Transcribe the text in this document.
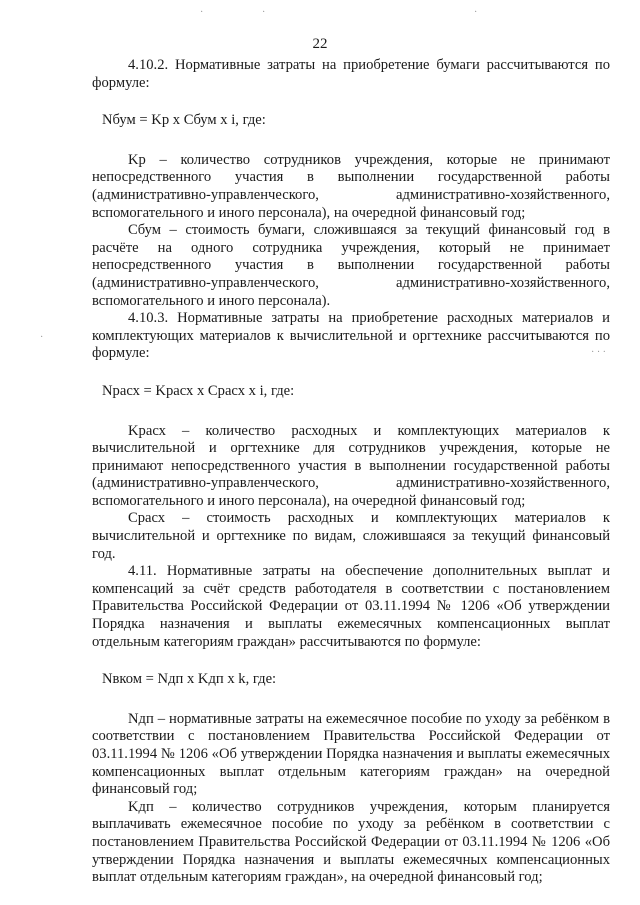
·	·	·
·
· · ·
22

4.10.2. Нормативные затраты на приобретение бумаги рассчитываются по формуле:

Nбум = Kр x Cбум x i, где:

Kр – количество сотрудников учреждения, которые не принимают непосредственного участия в выполнении государственной работы (административно-управленческого, административно-хозяйственного, вспомогательного и иного персонала), на очередной финансовый год;

Cбум – стоимость бумаги, сложившаяся за текущий финансовый год в расчёте на одного сотрудника учреждения, который не принимает непосредственного участия в выполнении государственной работы (административно-управленческого, административно-хозяйственного, вспомогательного и иного персонала).

4.10.3. Нормативные затраты на приобретение расходных материалов и комплектующих материалов к вычислительной и оргтехнике рассчитываются по формуле:

Nрасх = Kрасх x Cрасх x i, где:

Kрасх – количество расходных и комплектующих материалов к вычислительной и оргтехнике для сотрудников учреждения, которые не принимают непосредственного участия в выполнении государственной работы (административно-управленческого, административно-хозяйственного, вспомогательного и иного персонала), на очередной финансовый год;

Cрасх – стоимость расходных и комплектующих материалов к вычислительной и оргтехнике по видам, сложившаяся за текущий финансовый год.

4.11. Нормативные затраты на обеспечение дополнительных выплат и компенсаций за счёт средств работодателя в соответствии с постановлением Правительства Российской Федерации от 03.11.1994 № 1206 «Об утверждении Порядка назначения и выплаты ежемесячных компенсационных выплат отдельным категориям граждан» рассчитываются по формуле:

Nвком = Nдп x Kдп x k, где:

Nдп – нормативные затраты на ежемесячное пособие по уходу за ребёнком в соответствии с постановлением Правительства Российской Федерации от 03.11.1994 № 1206 «Об утверждении Порядка назначения и выплаты ежемесячных компенсационных выплат отдельным категориям граждан» на очередной финансовый год;

Kдп – количество сотрудников учреждения, которым планируется выплачивать ежемесячное пособие по уходу за ребёнком в соответствии с постановлением Правительства Российской Федерации от 03.11.1994 № 1206 «Об утверждении Порядка назначения и выплаты ежемесячных компенсационных выплат отдельным категориям граждан», на очередной финансовый год;
